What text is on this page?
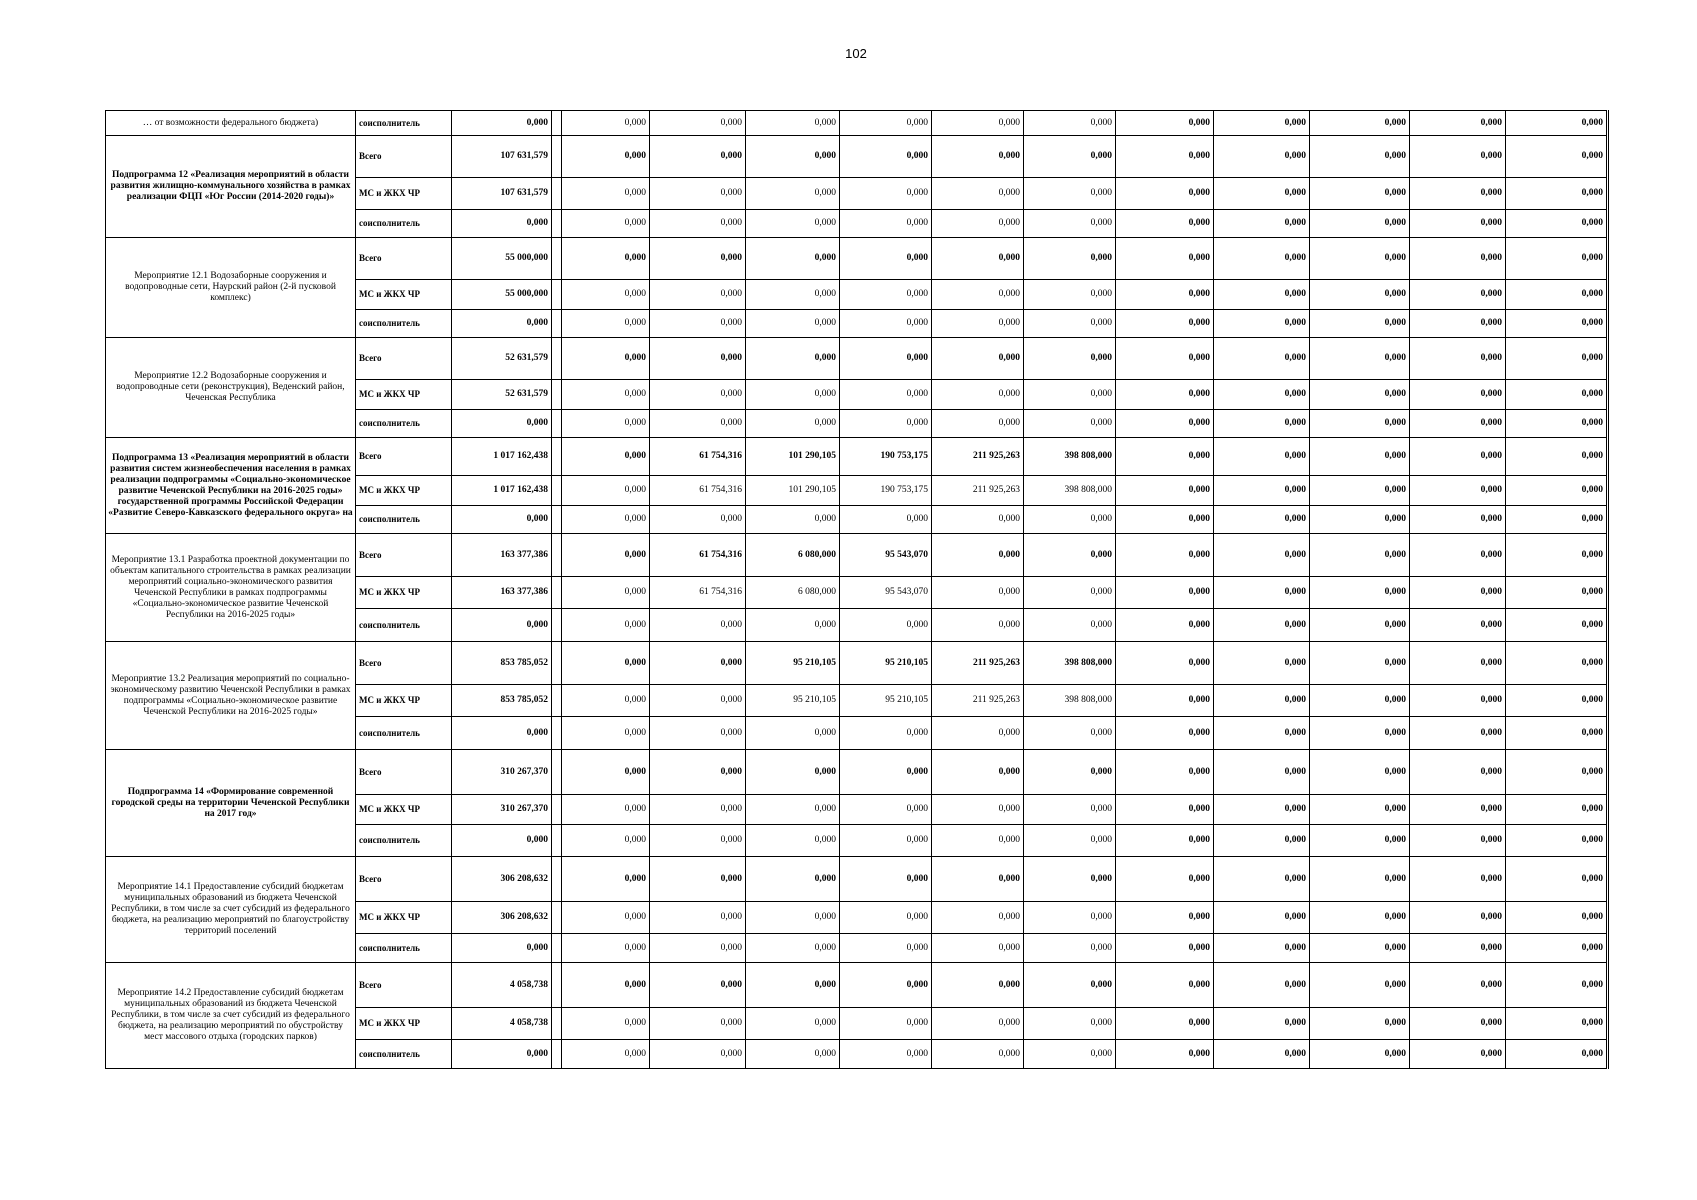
102
… от возможности федерального бюджета)	соисполнитель	0,000		0,000	0,000	0,000	0,000	0,000	0,000	0,000	0,000	0,000	0,000	0,000
Подпрограмма 12 «Реализация мероприятий в области развития жилищно-коммунального хозяйства в рамках реализации ФЦП «Юг России (2014-2020 годы)»	Всего	107 631,579		0,000	0,000	0,000	0,000	0,000	0,000	0,000	0,000	0,000	0,000	0,000
	МС и ЖКХ ЧР	107 631,579		0,000	0,000	0,000	0,000	0,000	0,000	0,000	0,000	0,000	0,000	0,000
	соисполнитель	0,000		0,000	0,000	0,000	0,000	0,000	0,000	0,000	0,000	0,000	0,000	0,000
Мероприятие 12.1 Водозаборные сооружения и водопроводные сети, Наурский район (2-й пусковой комплекс)	Всего	55 000,000		0,000	0,000	0,000	0,000	0,000	0,000	0,000	0,000	0,000	0,000	0,000
	МС и ЖКХ ЧР	55 000,000		0,000	0,000	0,000	0,000	0,000	0,000	0,000	0,000	0,000	0,000	0,000
	соисполнитель	0,000		0,000	0,000	0,000	0,000	0,000	0,000	0,000	0,000	0,000	0,000	0,000
Мероприятие 12.2 Водозаборные сооружения и водопроводные сети (реконструкция), Веденский район, Чеченская Республика	Всего	52 631,579		0,000	0,000	0,000	0,000	0,000	0,000	0,000	0,000	0,000	0,000	0,000
	МС и ЖКХ ЧР	52 631,579		0,000	0,000	0,000	0,000	0,000	0,000	0,000	0,000	0,000	0,000	0,000
	соисполнитель	0,000		0,000	0,000	0,000	0,000	0,000	0,000	0,000	0,000	0,000	0,000	0,000
Подпрограмма 13 «Реализация мероприятий в области развития систем жизнеобеспечения населения в рамках реализации подпрограммы «Социально-экономическое развитие Чеченской Республики на 2016-2025 годы» государственной программы Российской Федерации «Развитие Северо-Кавказского федерального округа» на	Всего	1 017 162,438		0,000	61 754,316	101 290,105	190 753,175	211 925,263	398 808,000	0,000	0,000	0,000	0,000	0,000
	МС и ЖКХ ЧР	1 017 162,438		0,000	61 754,316	101 290,105	190 753,175	211 925,263	398 808,000	0,000	0,000	0,000	0,000	0,000
	соисполнитель	0,000		0,000	0,000	0,000	0,000	0,000	0,000	0,000	0,000	0,000	0,000	0,000
Мероприятие 13.1 Разработка проектной документации по объектам капитального строительства в рамках реализации мероприятий социально-экономического развития Чеченской Республики в рамках подпрограммы «Социально-экономическое развитие Чеченской Республики на 2016-2025 годы»	Всего	163 377,386		0,000	61 754,316	6 080,000	95 543,070	0,000	0,000	0,000	0,000	0,000	0,000	0,000
	МС и ЖКХ ЧР	163 377,386		0,000	61 754,316	6 080,000	95 543,070	0,000	0,000	0,000	0,000	0,000	0,000	0,000
	соисполнитель	0,000		0,000	0,000	0,000	0,000	0,000	0,000	0,000	0,000	0,000	0,000	0,000
Мероприятие 13.2 Реализация мероприятий по социально-экономическому развитию Чеченской Республики в рамках подпрограммы «Социально-экономическое развитие Чеченской Республики на 2016-2025 годы»	Всего	853 785,052		0,000	0,000	95 210,105	95 210,105	211 925,263	398 808,000	0,000	0,000	0,000	0,000	0,000
	МС и ЖКХ ЧР	853 785,052		0,000	0,000	95 210,105	95 210,105	211 925,263	398 808,000	0,000	0,000	0,000	0,000	0,000
	соисполнитель	0,000		0,000	0,000	0,000	0,000	0,000	0,000	0,000	0,000	0,000	0,000	0,000
Подпрограмма 14 «Формирование современной городской среды на территории Чеченской Республики на 2017 год»	Всего	310 267,370		0,000	0,000	0,000	0,000	0,000	0,000	0,000	0,000	0,000	0,000	0,000
	МС и ЖКХ ЧР	310 267,370		0,000	0,000	0,000	0,000	0,000	0,000	0,000	0,000	0,000	0,000	0,000
	соисполнитель	0,000		0,000	0,000	0,000	0,000	0,000	0,000	0,000	0,000	0,000	0,000	0,000
Мероприятие 14.1 Предоставление субсидий бюджетам муниципальных образований из бюджета Чеченской Республики, в том числе за счет субсидий из федерального бюджета, на реализацию мероприятий по благоустройству территорий поселений	Всего	306 208,632		0,000	0,000	0,000	0,000	0,000	0,000	0,000	0,000	0,000	0,000	0,000
	МС и ЖКХ ЧР	306 208,632		0,000	0,000	0,000	0,000	0,000	0,000	0,000	0,000	0,000	0,000	0,000
	соисполнитель	0,000		0,000	0,000	0,000	0,000	0,000	0,000	0,000	0,000	0,000	0,000	0,000
Мероприятие 14.2 Предоставление субсидий бюджетам муниципальных образований из бюджета Чеченской Республики, в том числе за счет субсидий из федерального бюджета, на реализацию мероприятий по обустройству мест массового отдыха (городских парков)	Всего	4 058,738		0,000	0,000	0,000	0,000	0,000	0,000	0,000	0,000	0,000	0,000	0,000
	МС и ЖКХ ЧР	4 058,738		0,000	0,000	0,000	0,000	0,000	0,000	0,000	0,000	0,000	0,000	0,000
	соисполнитель	0,000		0,000	0,000	0,000	0,000	0,000	0,000	0,000	0,000	0,000	0,000	0,000
